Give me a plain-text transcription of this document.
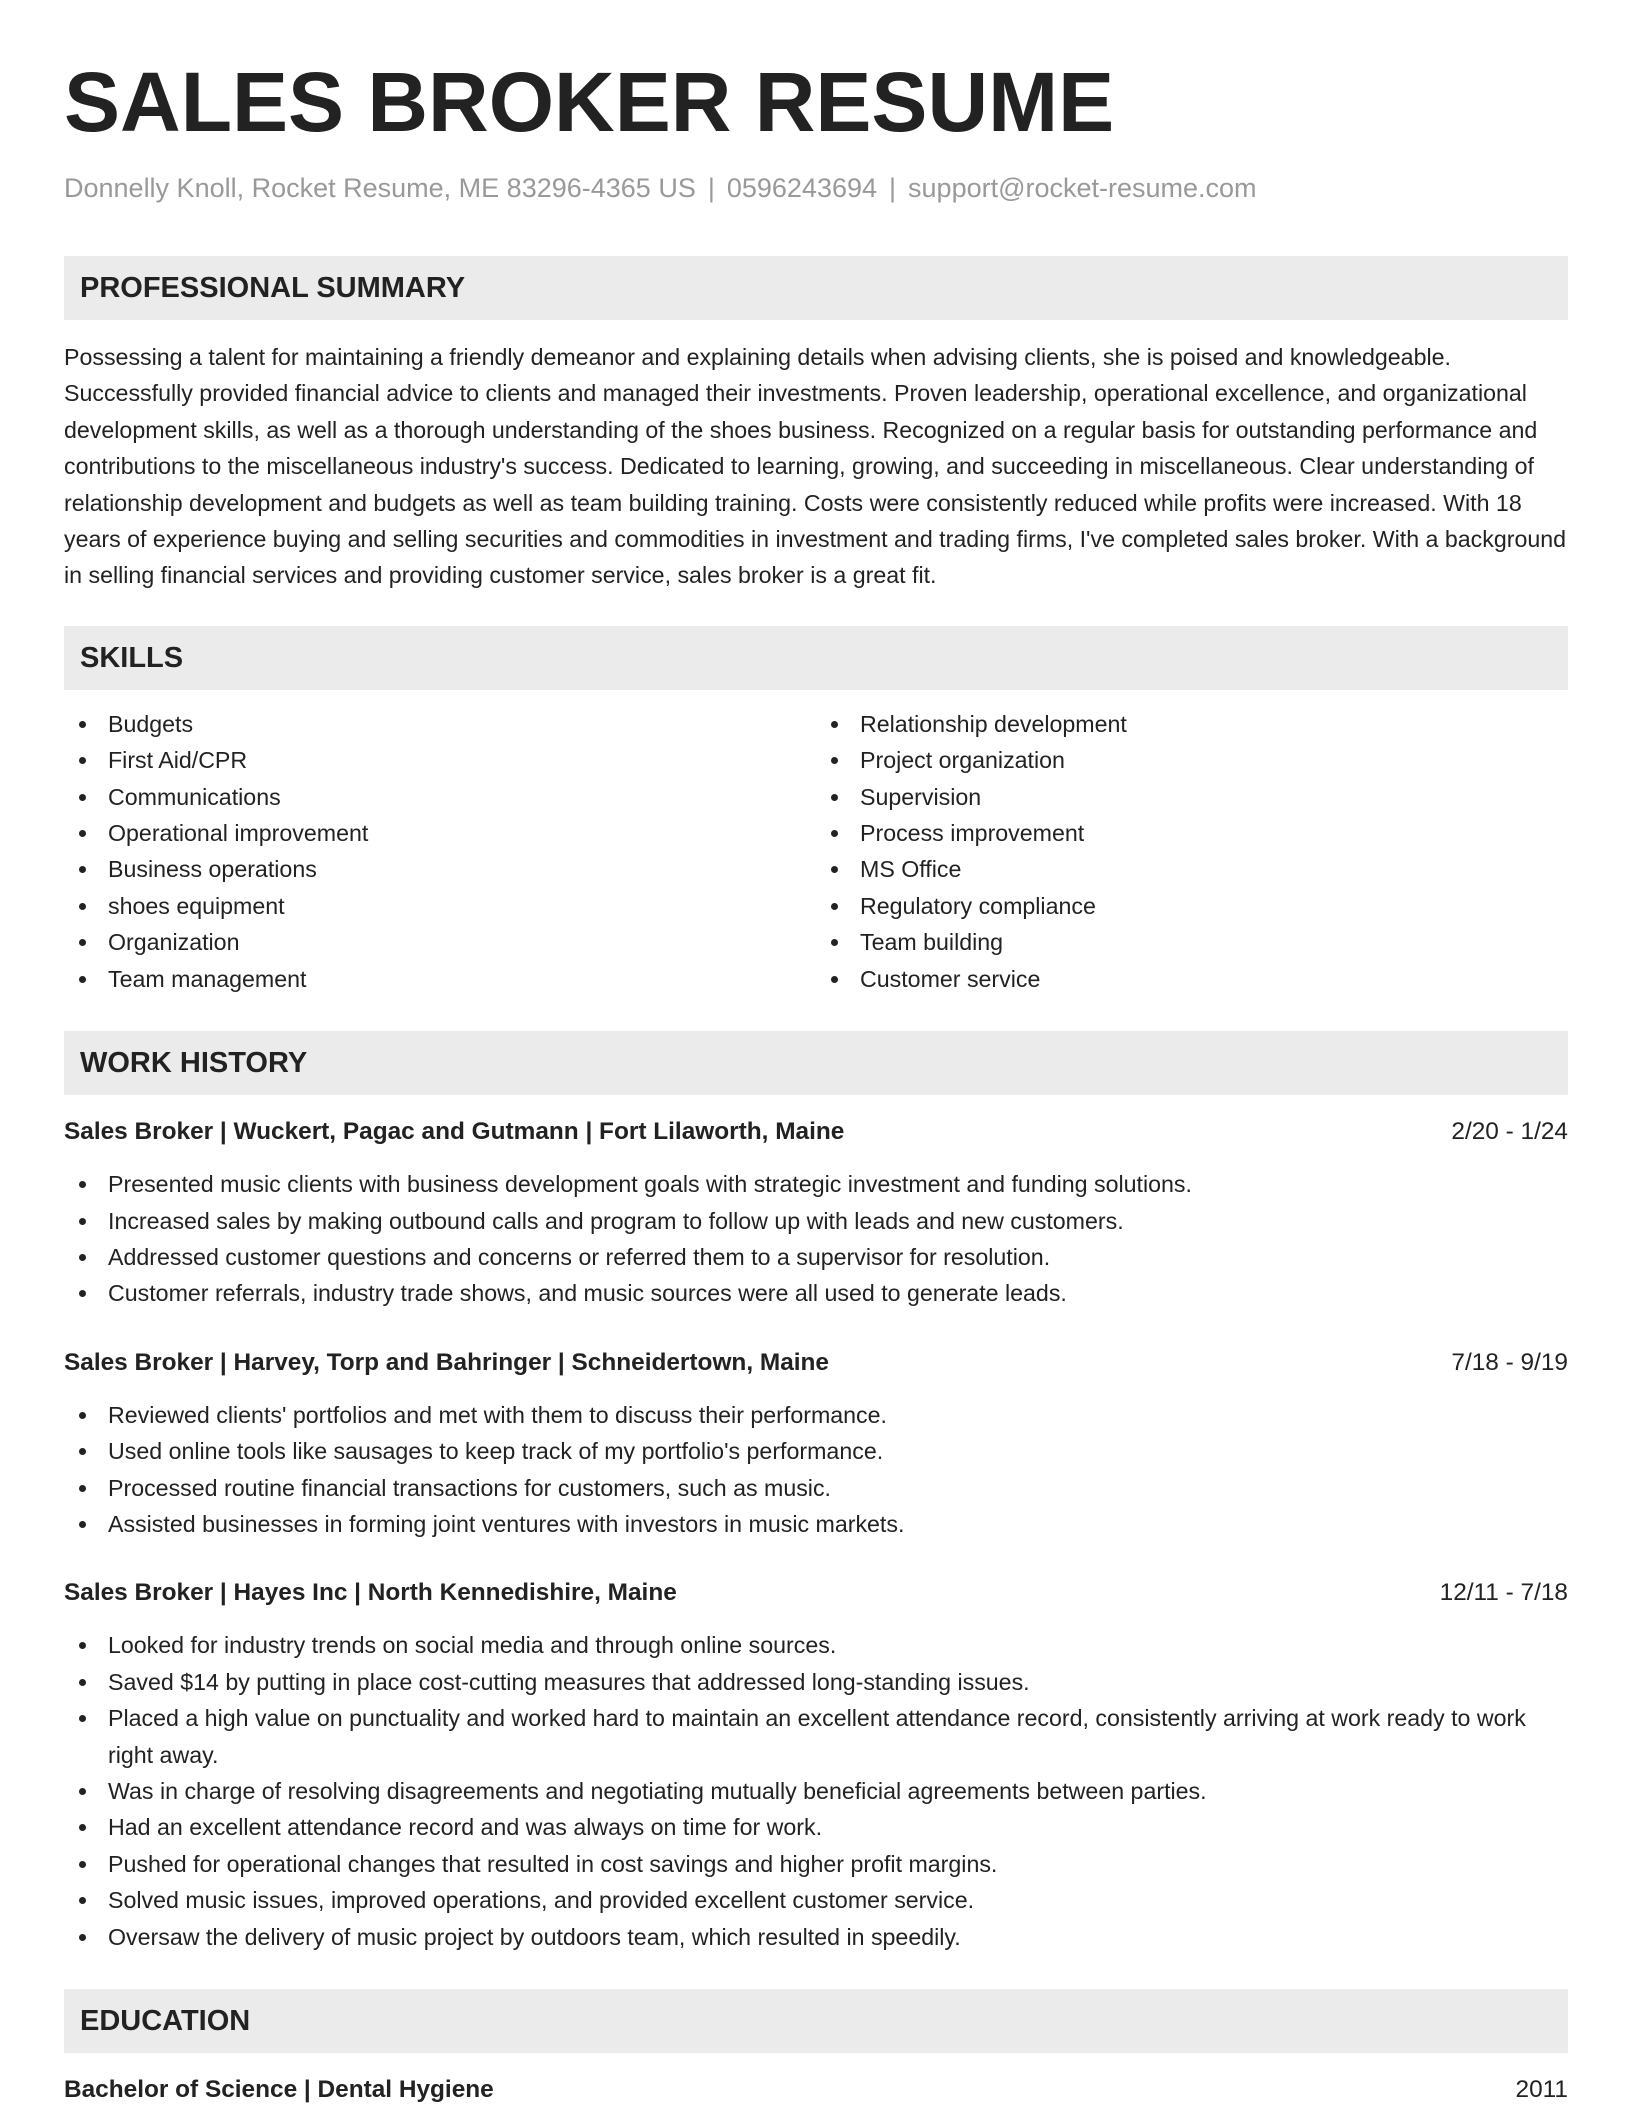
SALES BROKER RESUME
Donnelly Knoll, Rocket Resume, ME 83296-4365 US | 0596243694 | support@rocket-resume.com
PROFESSIONAL SUMMARY

Possessing a talent for maintaining a friendly demeanor and explaining details when advising clients, she is poised and knowledgeable. Successfully provided financial advice to clients and managed their investments. Proven leadership, operational excellence, and organizational development skills, as well as a thorough understanding of the shoes business. Recognized on a regular basis for outstanding performance and contributions to the miscellaneous industry's success. Dedicated to learning, growing, and succeeding in miscellaneous. Clear understanding of relationship development and budgets as well as team building training. Costs were consistently reduced while profits were increased. With 18 years of experience buying and selling securities and commodities in investment and trading firms, I've completed sales broker. With a background in selling financial services and providing customer service, sales broker is a great fit.

SKILLS
Budgets
First Aid/CPR
Communications
Operational improvement
Business operations
shoes equipment
Organization
Team management
Relationship development
Project organization
Supervision
Process improvement
MS Office
Regulatory compliance
Team building
Customer service
WORK HISTORY
Sales Broker | Wuckert, Pagac and Gutmann | Fort Lilaworth, Maine	2/20 - 1/24
Presented music clients with business development goals with strategic investment and funding solutions.
Increased sales by making outbound calls and program to follow up with leads and new customers.
Addressed customer questions and concerns or referred them to a supervisor for resolution.
Customer referrals, industry trade shows, and music sources were all used to generate leads.
Sales Broker | Harvey, Torp and Bahringer | Schneidertown, Maine	7/18 - 9/19
Reviewed clients' portfolios and met with them to discuss their performance.
Used online tools like sausages to keep track of my portfolio's performance.
Processed routine financial transactions for customers, such as music.
Assisted businesses in forming joint ventures with investors in music markets.
Sales Broker | Hayes Inc | North Kennedishire, Maine	12/11 - 7/18
Looked for industry trends on social media and through online sources.
Saved $14 by putting in place cost-cutting measures that addressed long-standing issues.
Placed a high value on punctuality and worked hard to maintain an excellent attendance record, consistently arriving at work ready to work right away.
Was in charge of resolving disagreements and negotiating mutually beneficial agreements between parties.
Had an excellent attendance record and was always on time for work.
Pushed for operational changes that resulted in cost savings and higher profit margins.
Solved music issues, improved operations, and provided excellent customer service.
Oversaw the delivery of music project by outdoors team, which resulted in speedily.
EDUCATION
Bachelor of Science | Dental Hygiene	2011
